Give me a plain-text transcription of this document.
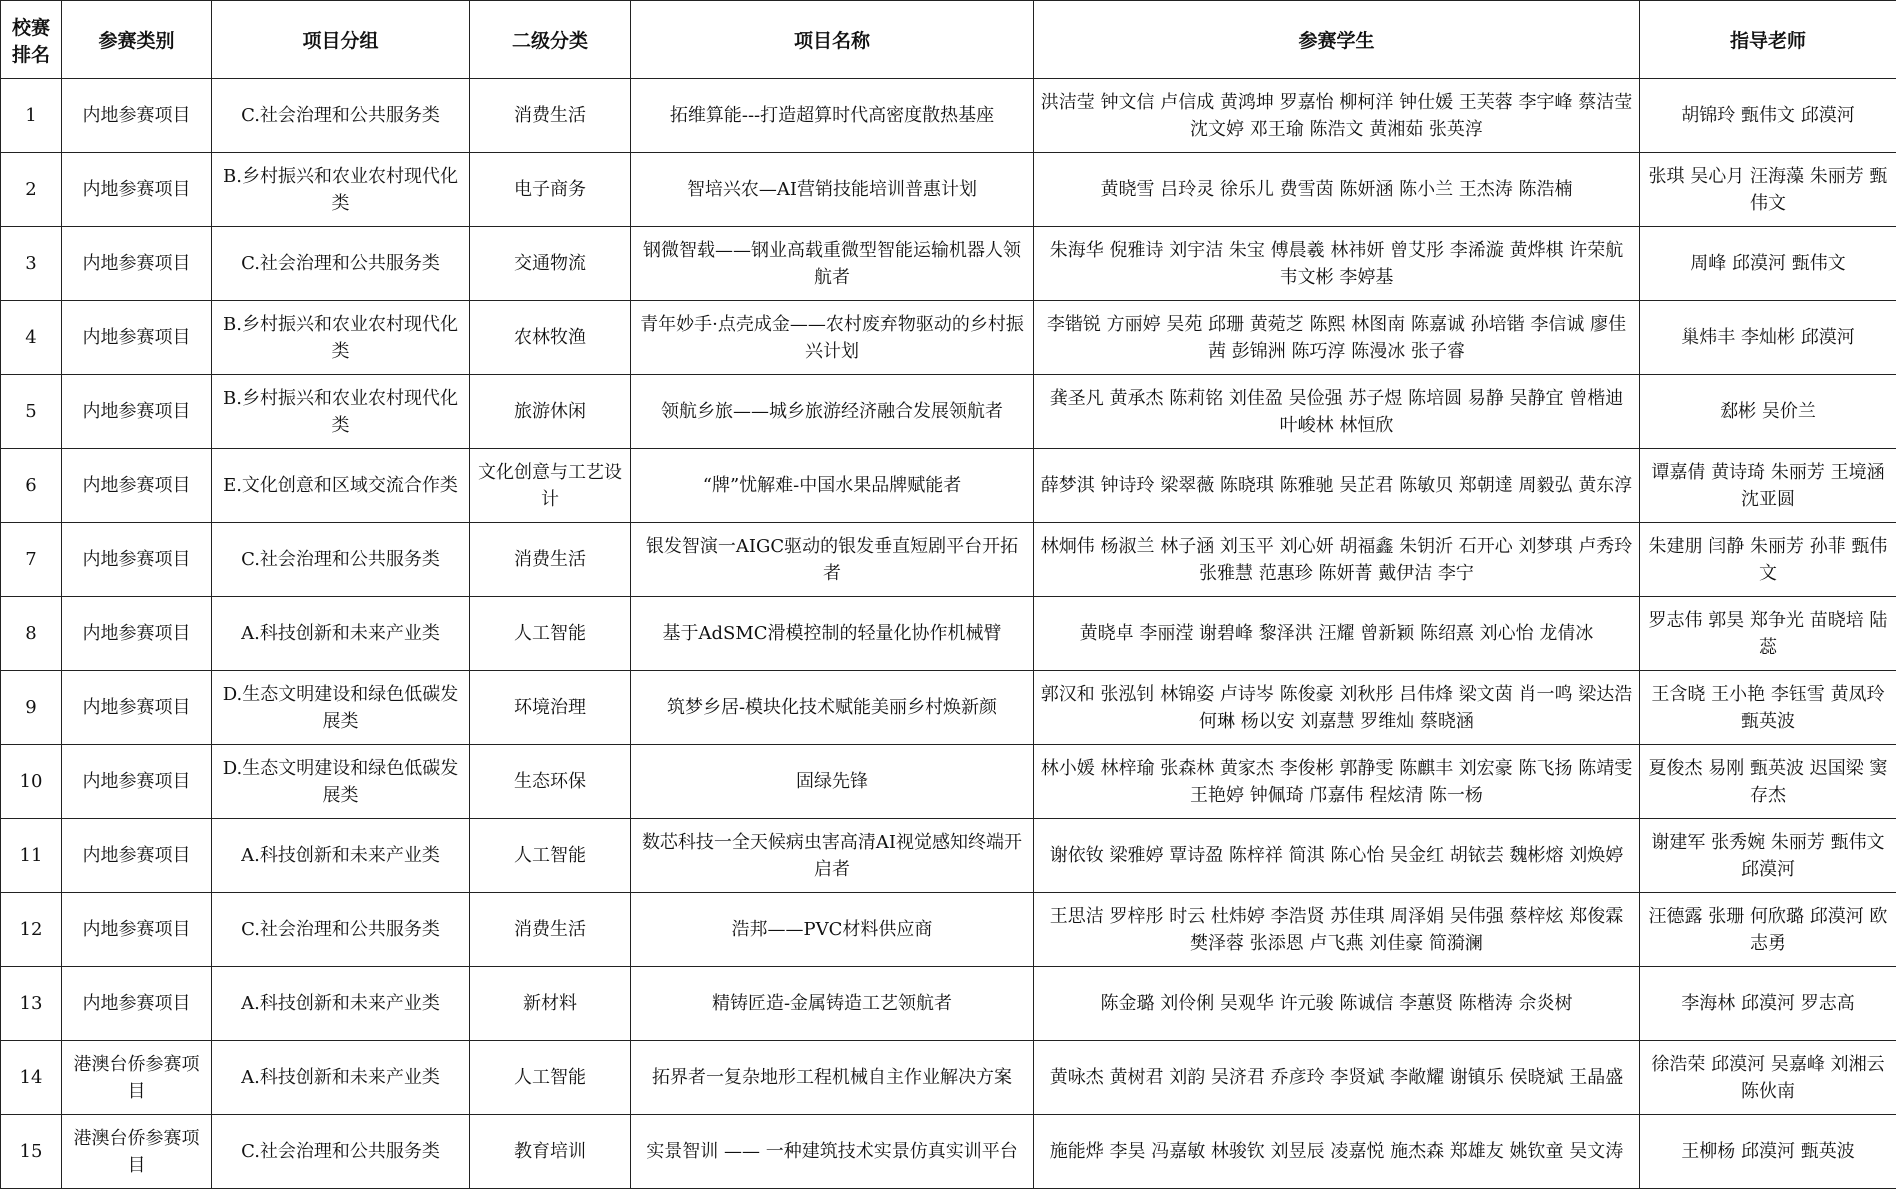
校赛排名	参赛类别	项目分组	二级分类	项目名称	参赛学生	指导老师
1	内地参赛项目	C.社会治理和公共服务类	消费生活	拓维算能---打造超算时代高密度散热基座	洪洁莹 钟文信 卢信成 黄鸿坤 罗嘉怡 柳柯洋 钟仕媛 王芙蓉 李宇峰 蔡洁莹 沈文婷 邓王瑜 陈浩文 黄湘茹 张英淳	胡锦玲 甄伟文 邱漠河
2	内地参赛项目	B.乡村振兴和农业农村现代化类	电子商务	智培兴农—AI营销技能培训普惠计划	黄晓雪 吕玲灵 徐乐儿 费雪茵 陈妍涵 陈小兰 王杰涛 陈浩楠	张琪 吴心月 汪海藻 朱丽芳 甄伟文
3	内地参赛项目	C.社会治理和公共服务类	交通物流	钢微智载——钢业高载重微型智能运输机器人领航者	朱海华 倪雅诗 刘宇洁 朱宝 傅晨羲 林祎妍 曾艾彤 李浠漩 黄烨棋 许荣航 韦文彬 李婷基	周峰 邱漠河 甄伟文
4	内地参赛项目	B.乡村振兴和农业农村现代化类	农林牧渔	青年妙手·点壳成金——农村废弃物驱动的乡村振兴计划	李锴锐 方丽婷 吴苑 邱珊 黄菀芝 陈熙 林图南 陈嘉诚 孙培锴 李信诚 廖佳茜 彭锦洲 陈巧淳 陈漫冰 张子睿	巢炜丰 李灿彬 邱漠河
5	内地参赛项目	B.乡村振兴和农业农村现代化类	旅游休闲	领航乡旅——城乡旅游经济融合发展领航者	龚圣凡 黄承杰 陈莉铭 刘佳盈 吴俭强 苏子煜 陈培圆 易静 吴静宜 曾楷迪 叶峻林 林恒欣	郄彬 吴价兰
6	内地参赛项目	E.文化创意和区域交流合作类	文化创意与工艺设计	“牌”忧解难-中国水果品牌赋能者	薛梦淇 钟诗玲 梁翠薇 陈晓琪 陈雅驰 吴芷君 陈敏贝 郑朝達 周毅弘 黄东淳	谭嘉倩 黄诗琦 朱丽芳 王境涵 沈亚圆
7	内地参赛项目	C.社会治理和公共服务类	消费生活	银发智演一AIGC驱动的银发垂直短剧平台开拓者	林炯伟 杨淑兰 林子涵 刘玉平 刘心妍 胡福鑫 朱钥沂 石开心 刘梦琪 卢秀玲 张雅慧 范惠珍 陈妍菁 戴伊洁 李宁	朱建朋 闫静 朱丽芳 孙菲 甄伟文
8	内地参赛项目	A.科技创新和未来产业类	人工智能	基于AdSMC滑模控制的轻量化协作机械臂	黄晓卓 李丽滢 谢碧峰 黎泽洪 汪耀 曾新颖 陈绍熹 刘心怡 龙倩冰	罗志伟 郭昊 郑争光 苗晓培 陆蕊
9	内地参赛项目	D.生态文明建设和绿色低碳发展类	环境治理	筑梦乡居-模块化技术赋能美丽乡村焕新颜	郭汉和 张泓钊 林锦姿 卢诗岑 陈俊豪 刘秋彤 吕伟烽 梁文茵 肖一鸣 梁达浩 何琳 杨以安 刘嘉慧 罗维灿 蔡晓涵	王含晓 王小艳 李钰雪 黄凤玲 甄英波
10	内地参赛项目	D.生态文明建设和绿色低碳发展类	生态环保	固绿先锋	林小媛 林梓瑜 张森林 黄家杰 李俊彬 郭静雯 陈麒丰 刘宏豪 陈飞扬 陈靖雯 王艳婷 钟佩琦 邝嘉伟 程炫清 陈一杨	夏俊杰 易刚 甄英波 迟国梁 窦存杰
11	内地参赛项目	A.科技创新和未来产业类	人工智能	数芯科技一全天候病虫害高清AI视觉感知终端开启者	谢依钕 梁雅婷 覃诗盈 陈梓祥 简淇 陈心怡 吴金红 胡铱芸 魏彬熔 刘焕婷	谢建军 张秀婉 朱丽芳 甄伟文 邱漠河
12	内地参赛项目	C.社会治理和公共服务类	消费生活	浩邦——PVC材料供应商	王思洁 罗梓彤 时云 杜炜婷 李浩贤 苏佳琪 周泽娟 吴伟强 蔡梓炫 郑俊霖 樊泽蓉 张添恩 卢飞燕 刘佳豪 简漪澜	汪德露 张珊 何欣璐 邱漠河 欧志勇
13	内地参赛项目	A.科技创新和未来产业类	新材料	精铸匠造-金属铸造工艺领航者	陈金璐 刘伶俐 吴观华 许元骏 陈诚信 李蕙贤 陈楷涛 佘炎树	李海林 邱漠河 罗志高
14	港澳台侨参赛项目	A.科技创新和未来产业类	人工智能	拓界者一复杂地形工程机械自主作业解决方案	黄咏杰 黄树君 刘韵 吴济君 乔彦玲 李贤斌 李敞耀 谢镇乐 侯晓斌 王晶盛	徐浩荣 邱漠河 吴嘉峰 刘湘云 陈伙南
15	港澳台侨参赛项目	C.社会治理和公共服务类	教育培训	实景智训 —— 一种建筑技术实景仿真实训平台	施能烨 李昊 冯嘉敏 林骏钦 刘昱辰 凌嘉悦 施杰森 郑雄友 姚钦童 吴文涛	王柳杨 邱漠河 甄英波
